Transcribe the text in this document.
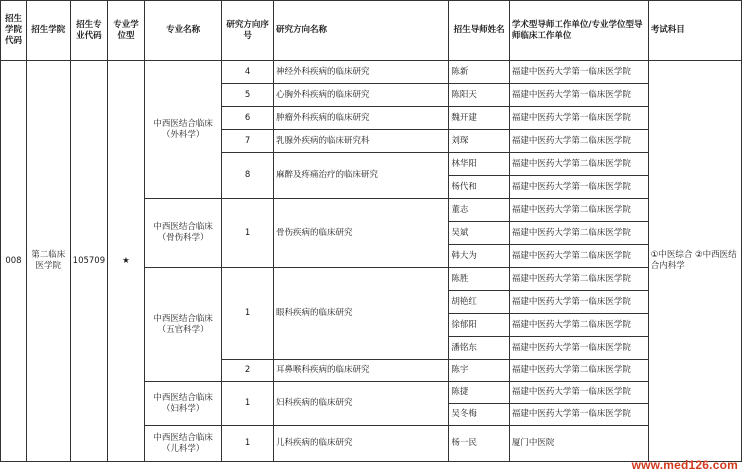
招生学院代码	招生学院	招生专业代码	专业学位型	专业名称	研究方向序号	研究方向名称	招生导师姓名	学术型导师工作单位/专业学位型导师临床工作单位	考试科目
008	第二临床医学院	105709	★	中西医结合临床（外科学）	4	神经外科疾病的临床研究	陈新	福建中医药大学第一临床医学院	①中医综合 ②中西医结合内科学
					5	心胸外科疾病的临床研究	陈阳天	福建中医药大学第一临床医学院	
					6	肿瘤外科疾病的临床研究	魏开建	福建中医药大学第一临床医学院	
					7	乳腺外疾病的临床研究科	刘琛	福建中医药大学第二临床医学院	
					8	麻醉及疼痛治疗的临床研究	林华阳	福建中医药大学第二临床医学院	
							杨代和	福建中医药大学第一临床医学院	
				中西医结合临床（骨伤科学）	1	骨伤疾病的临床研究	董志	福建中医药大学第二临床医学院	
							吴斌	福建中医药大学第二临床医学院	
							韩大为	福建中医药大学第二临床医学院	
				中西医结合临床（五官科学）	1	眼科疾病的临床研究	陈胜	福建中医药大学第二临床医学院	
							胡艳红	福建中医药大学第一临床医学院	
							徐郁阳	福建中医药大学第二临床医学院	
							潘铭东	福建中医药大学第一临床医学院	
					2	耳鼻喉科疾病的临床研究	陈宇	福建中医药大学第二临床医学院	
				中西医结合临床（妇科学）	1	妇科疾病的临床研究	陈捷	福建中医药大学第一临床医学院	
							吴冬梅	福建中医药大学第一临床医学院	
				中西医结合临床（儿科学）	1	儿科疾病的临床研究	杨一民	厦门中医院	
www.med126.com
